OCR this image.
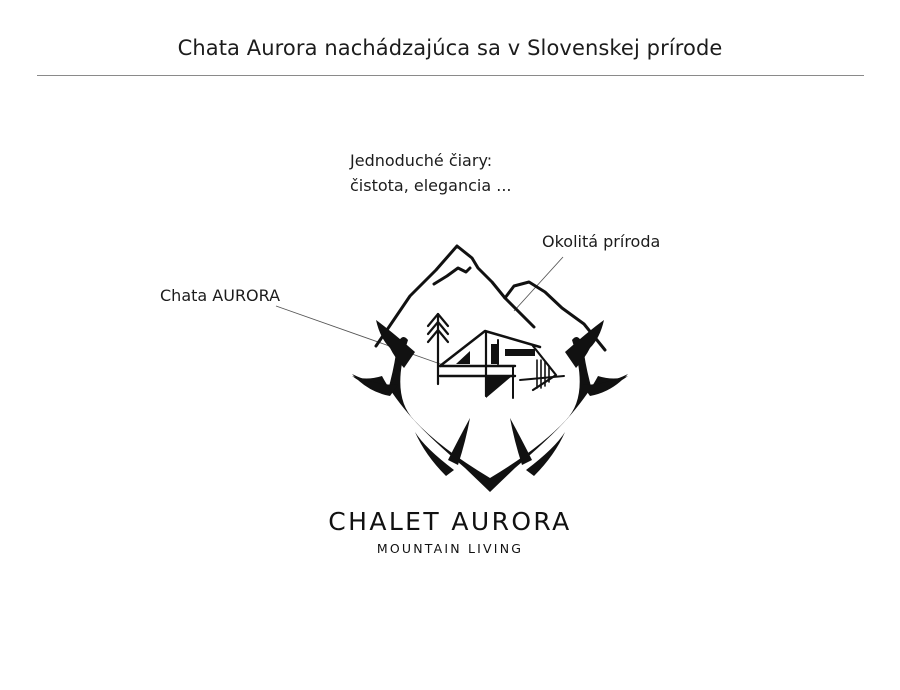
Chata Aurora nachádzajúca sa v Slovenskej prírode
Jednoduché čiary:
čistota, elegancia ...
Okolitá príroda
Chata AURORA
CHALET AURORA
MOUNTAIN LIVING
